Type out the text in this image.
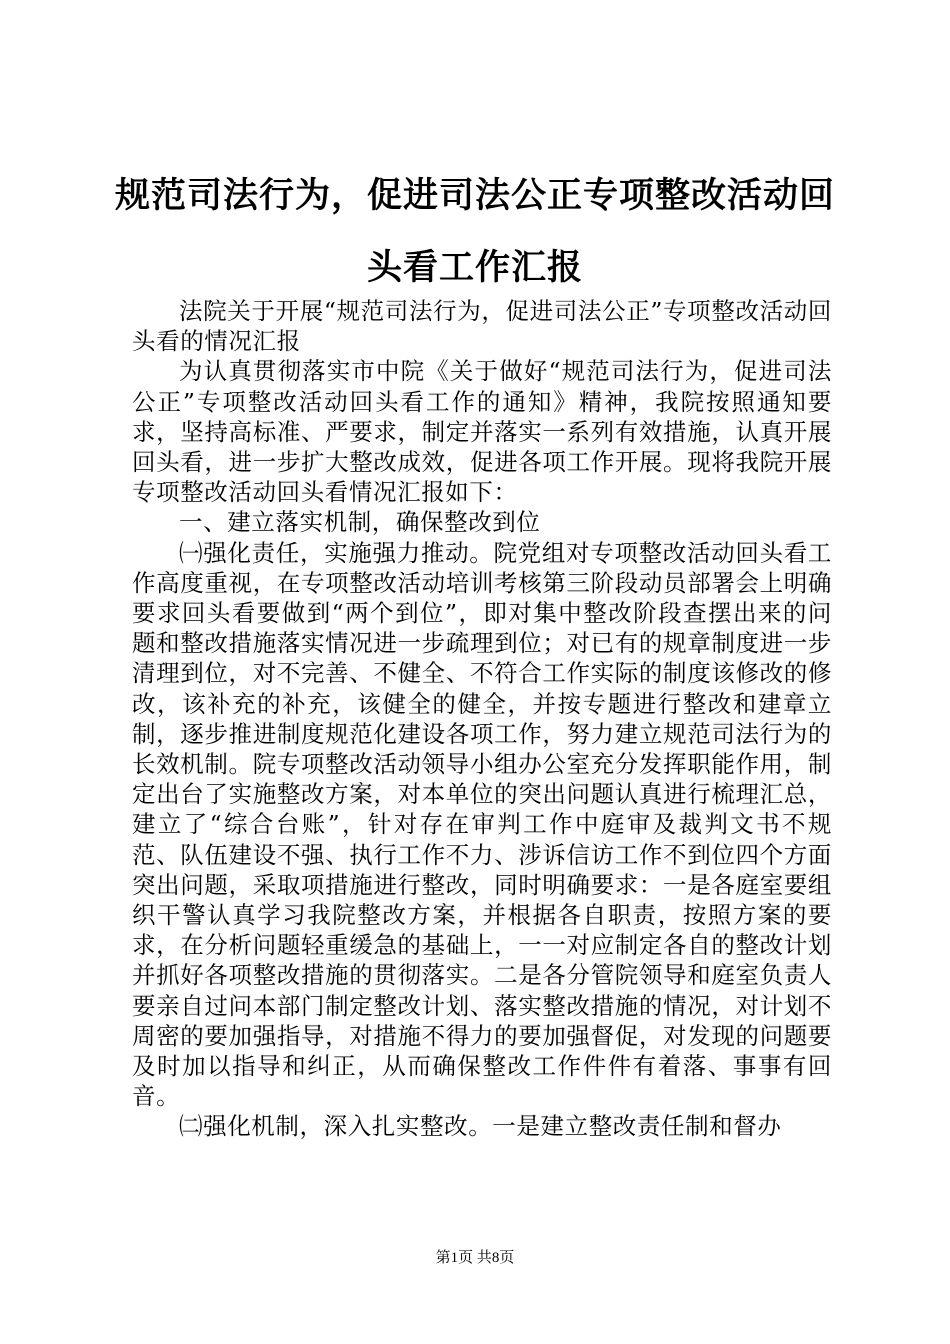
规范司法行为，促进司法公正专项整改活动回头看工作汇报

法院关于开展“规范司法行为，促进司法公正”专项整改活动回头看的情况汇报

为认真贯彻落实市中院《关于做好“规范司法行为，促进司法公正”专项整改活动回头看工作的通知》精神，我院按照通知要求，坚持高标准、严要求，制定并落实一系列有效措施，认真开展回头看，进一步扩大整改成效，促进各项工作开展。现将我院开展专项整改活动回头看情况汇报如下：

一、建立落实机制，确保整改到位

㈠强化责任，实施强力推动。院党组对专项整改活动回头看工作高度重视，在专项整改活动培训考核第三阶段动员部署会上明确要求回头看要做到“两个到位”，即对集中整改阶段查摆出来的问题和整改措施落实情况进一步疏理到位；对已有的规章制度进一步清理到位，对不完善、不健全、不符合工作实际的制度该修改的修改，该补充的补充，该健全的健全，并按专题进行整改和建章立制，逐步推进制度规范化建设各项工作，努力建立规范司法行为的长效机制。院专项整改活动领导小组办公室充分发挥职能作用，制定出台了实施整改方案，对本单位的突出问题认真进行梳理汇总，建立了“综合台账”，针对存在审判工作中庭审及裁判文书不规范、队伍建设不强、执行工作不力、涉诉信访工作不到位四个方面突出问题，采取项措施进行整改，同时明确要求：一是各庭室要组织干警认真学习我院整改方案，并根据各自职责，按照方案的要求，在分析问题轻重缓急的基础上，一一对应制定各自的整改计划并抓好各项整改措施的贯彻落实。二是各分管院领导和庭室负责人要亲自过问本部门制定整改计划、落实整改措施的情况，对计划不周密的要加强指导，对措施不得力的要加强督促，对发现的问题要及时加以指导和纠正，从而确保整改工作件件有着落、事事有回音。

㈡强化机制，深入扎实整改。一是建立整改责任制和督办

第1页 共8页
